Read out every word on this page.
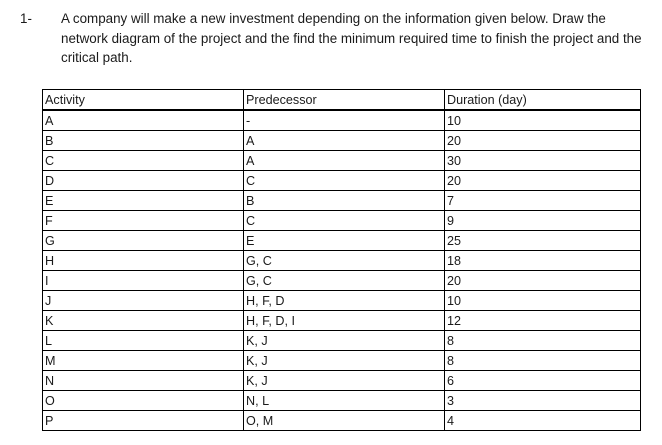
1- A company will make a new investment depending on the information given below. Draw the network diagram of the project and the find the minimum required time to finish the project and the critical path.
Activity	Predecessor	Duration (day)
A	-	10
B	A	20
C	A	30
D	C	20
E	B	7
F	C	9
G	E	25
H	G, C	18
I	G, C	20
J	H, F, D	10
K	H, F, D, I	12
L	K, J	8
M	K, J	8
N	K, J	6
O	N, L	3
P	O, M	4
